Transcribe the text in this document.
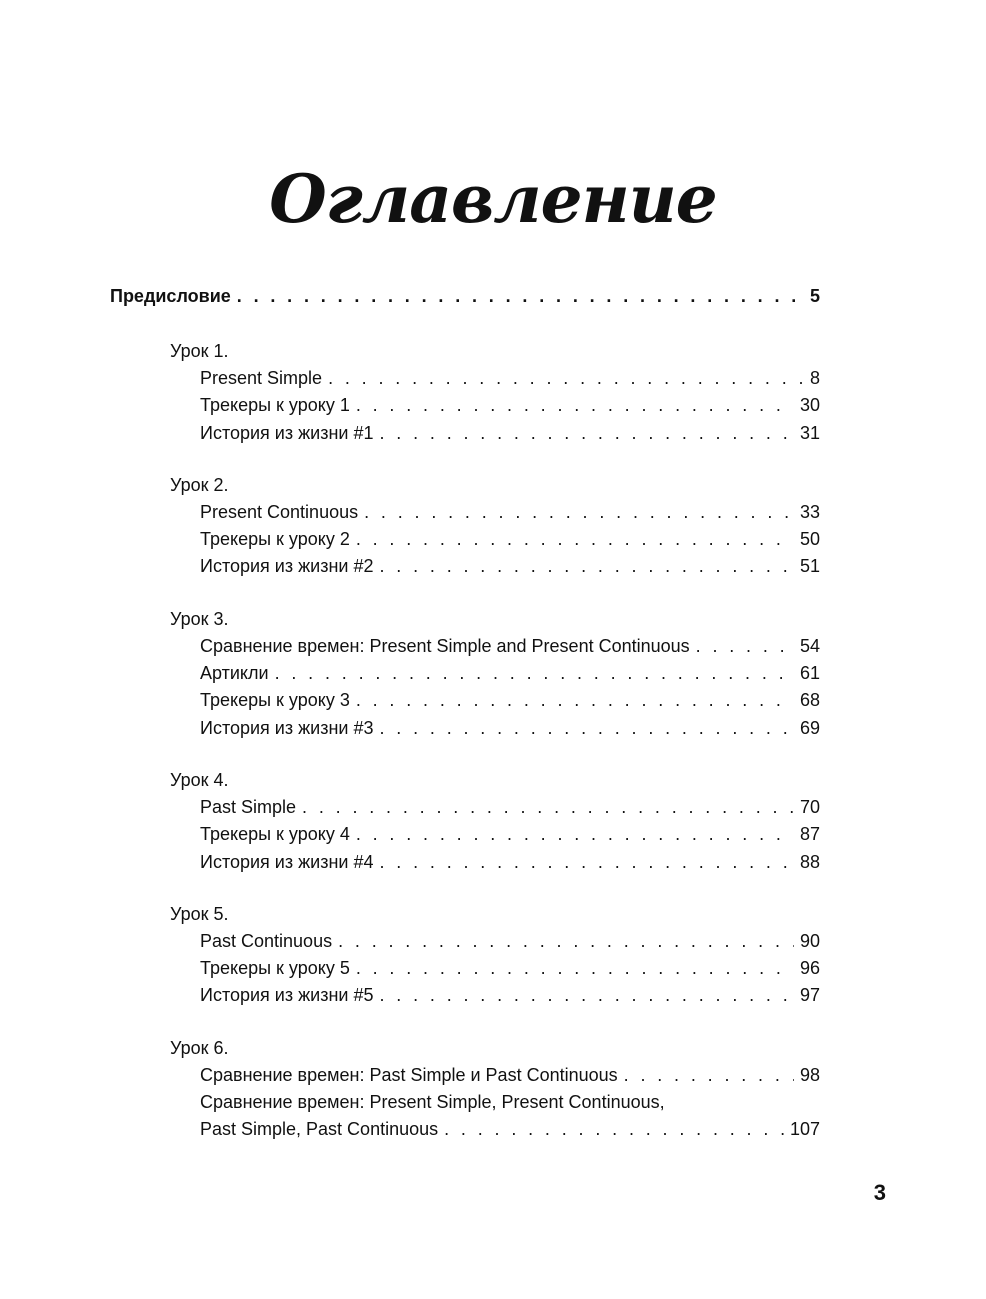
Оглавление
Предисловие . . .	5
Урок 1.
Present Simple . . .	8
Трекеры к уроку 1 . . .	30
История из жизни #1 . . .	31
Урок 2.
Present Continuous . . .	33
Трекеры к уроку 2 . . .	50
История из жизни #2 . . .	51
Урок 3.
Сравнение времен: Present Simple and Present Continuous . . .	54
Артикли . . .	61
Трекеры к уроку 3 . . .	68
История из жизни #3 . . .	69
Урок 4.
Past Simple . . .	70
Трекеры к уроку 4 . . .	87
История из жизни #4 . . .	88
Урок 5.
Past Continuous . . .	90
Трекеры к уроку 5 . . .	96
История из жизни #5 . . .	97
Урок 6.
Сравнение времен: Past Simple и Past Continuous . . .	98
Сравнение времен: Present Simple, Present Continuous,
Past Simple, Past Continuous . . .	107
3
